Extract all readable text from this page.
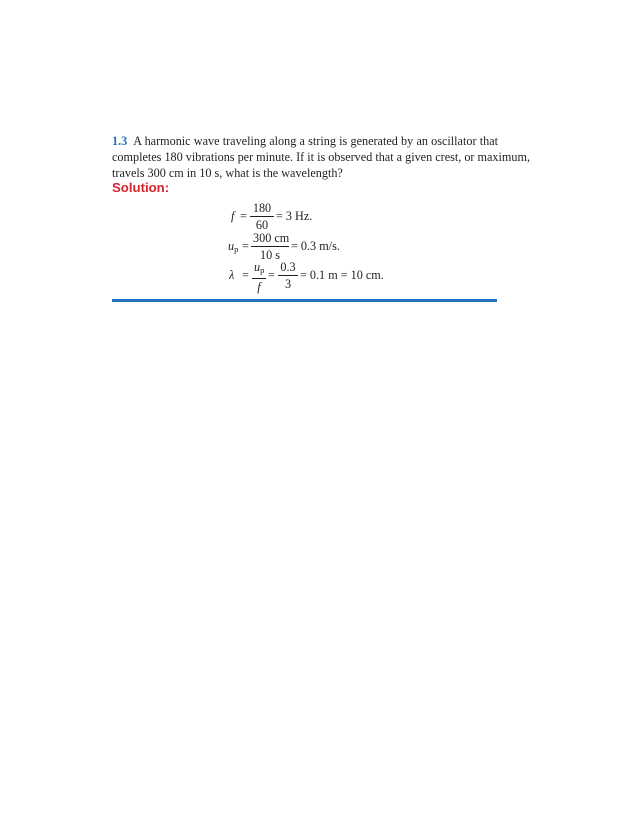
1.3 A harmonic wave traveling along a string is generated by an oscillator that
completes 180 vibrations per minute. If it is observed that a given crest, or maximum,
travels 300 cm in 10 s, what is the wavelength?
Solution:
$f = \frac{180}{60} = 3$ Hz.
$u_p = \frac{300 cm}{10 s} = 0.3$ m/s.
$\lambda = \frac{u_p}{f} = \frac{0.3}{3} = 0.1$ m = 10 cm.
